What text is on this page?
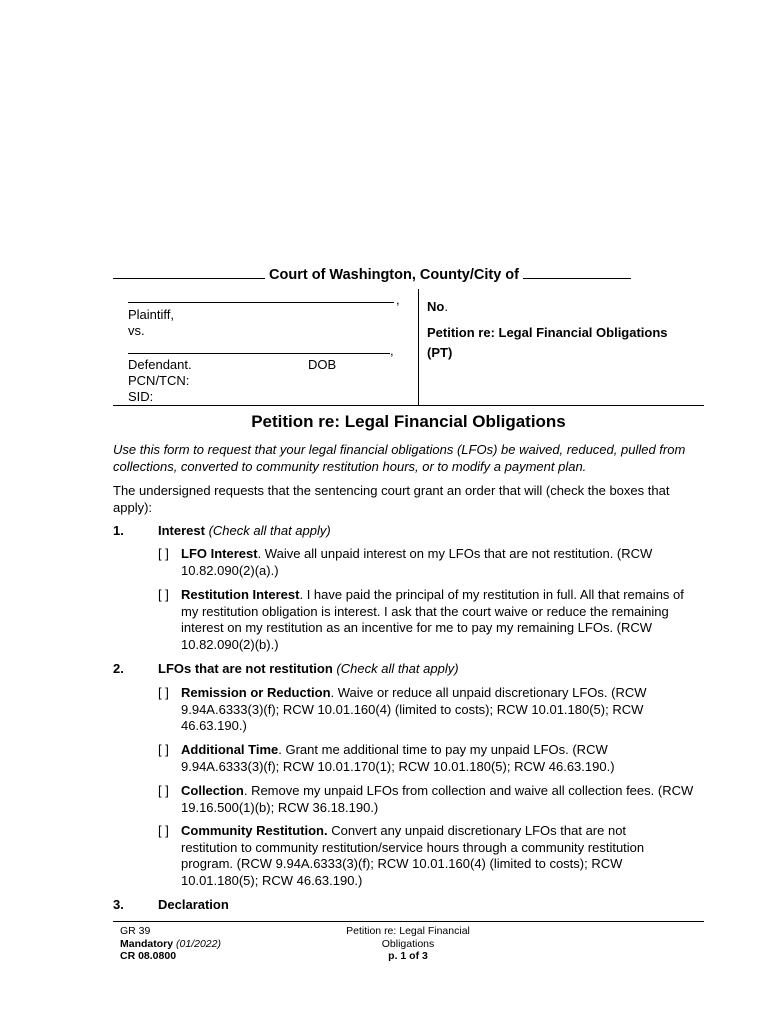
Court of Washington, County/City of
,
Plaintiff,
vs.
,
Defendant.	DOB
PCN/TCN:
SID:
No.
Petition re: Legal Financial Obligations
(PT)
Petition re: Legal Financial Obligations
Use this form to request that your legal financial obligations (LFOs) be waived, reduced, pulled from collections, converted to community restitution hours, or to modify a payment plan.
The undersigned requests that the sentencing court grant an order that will (check the boxes that apply):
1.	Interest (Check all that apply)
[ ] LFO Interest. Waive all unpaid interest on my LFOs that are not restitution. (RCW 10.82.090(2)(a).)
[ ] Restitution Interest. I have paid the principal of my restitution in full. All that remains of my restitution obligation is interest. I ask that the court waive or reduce the remaining interest on my restitution as an incentive for me to pay my remaining LFOs. (RCW 10.82.090(2)(b).)
2.	LFOs that are not restitution (Check all that apply)
[ ] Remission or Reduction. Waive or reduce all unpaid discretionary LFOs. (RCW 9.94A.6333(3)(f); RCW 10.01.160(4) (limited to costs); RCW 10.01.180(5); RCW 46.63.190.)
[ ] Additional Time. Grant me additional time to pay my unpaid LFOs. (RCW 9.94A.6333(3)(f); RCW 10.01.170(1); RCW 10.01.180(5); RCW 46.63.190.)
[ ] Collection. Remove my unpaid LFOs from collection and waive all collection fees. (RCW 19.16.500(1)(b); RCW 36.18.190.)
[ ] Community Restitution. Convert any unpaid discretionary LFOs that are not restitution to community restitution/service hours through a community restitution program. (RCW 9.94A.6333(3)(f); RCW 10.01.160(4) (limited to costs); RCW 10.01.180(5); RCW 46.63.190.)
3.	Declaration
GR 39
Mandatory (01/2022)
CR 08.0800
Petition re: Legal Financial
Obligations
p. 1 of 3
